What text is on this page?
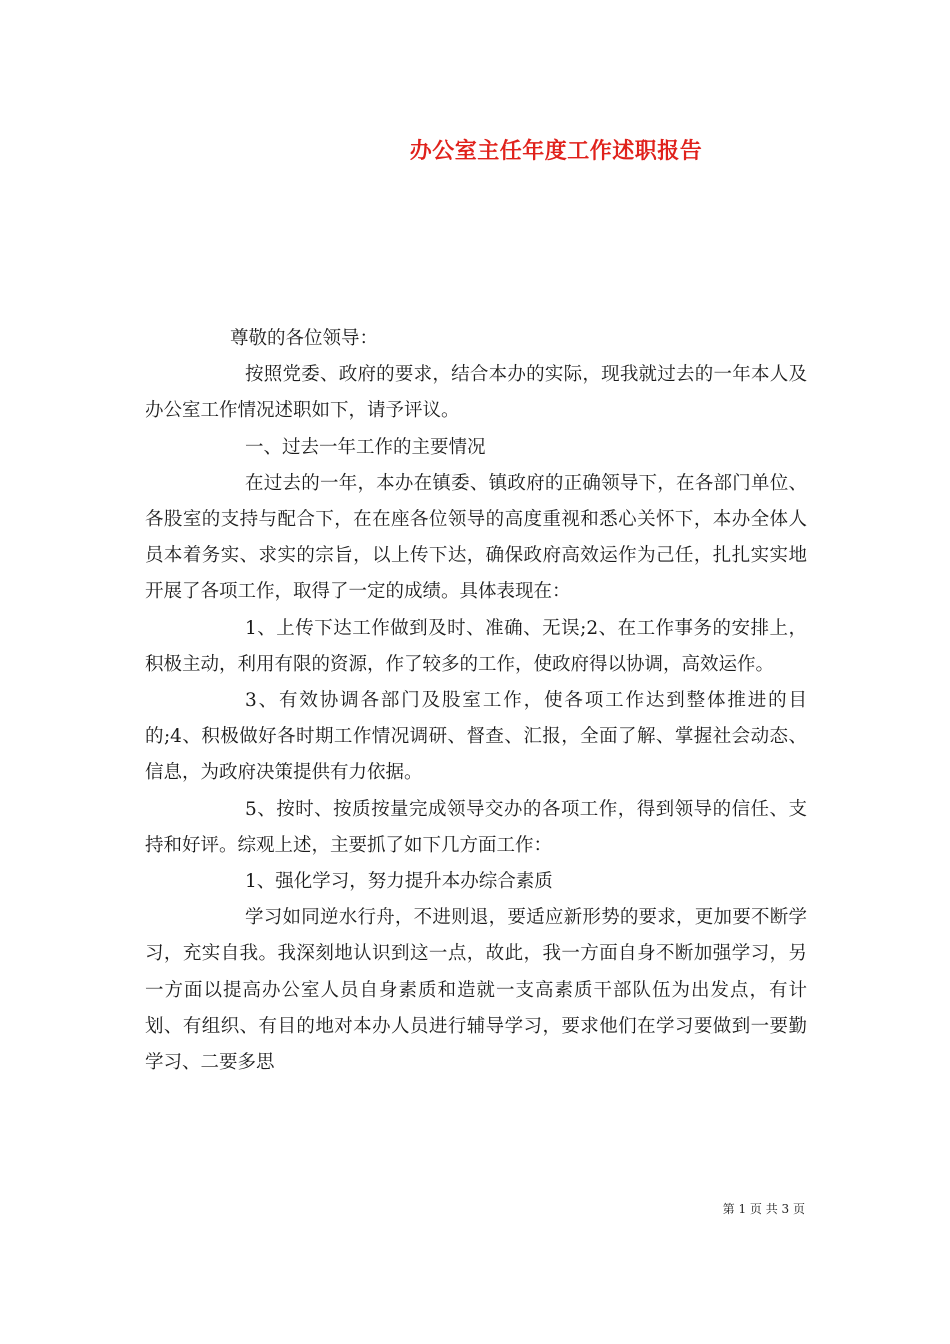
办公室主任年度工作述职报告

尊敬的各位领导：

按照党委、政府的要求，结合本办的实际，现我就过去的一年本人及办公室工作情况述职如下，请予评议。

一、过去一年工作的主要情况

在过去的一年，本办在镇委、镇政府的正确领导下，在各部门单位、各股室的支持与配合下，在在座各位领导的高度重视和悉心关怀下，本办全体人员本着务实、求实的宗旨，以上传下达，确保政府高效运作为己任，扎扎实实地开展了各项工作，取得了一定的成绩。具体表现在：

1、上传下达工作做到及时、准确、无误;2、在工作事务的安排上，积极主动，利用有限的资源，作了较多的工作，使政府得以协调，高效运作。

3、有效协调各部门及股室工作，使各项工作达到整体推进的目的;4、积极做好各时期工作情况调研、督查、汇报，全面了解、掌握社会动态、信息，为政府决策提供有力依据。

5、按时、按质按量完成领导交办的各项工作，得到领导的信任、支持和好评。综观上述，主要抓了如下几方面工作：

1、强化学习，努力提升本办综合素质

学习如同逆水行舟，不进则退，要适应新形势的要求，更加要不断学习，充实自我。我深刻地认识到这一点，故此，我一方面自身不断加强学习，另一方面以提高办公室人员自身素质和造就一支高素质干部队伍为出发点，有计划、有组织、有目的地对本办人员进行辅导学习，要求他们在学习要做到一要勤学习、二要多思

第 1 页 共 3 页
